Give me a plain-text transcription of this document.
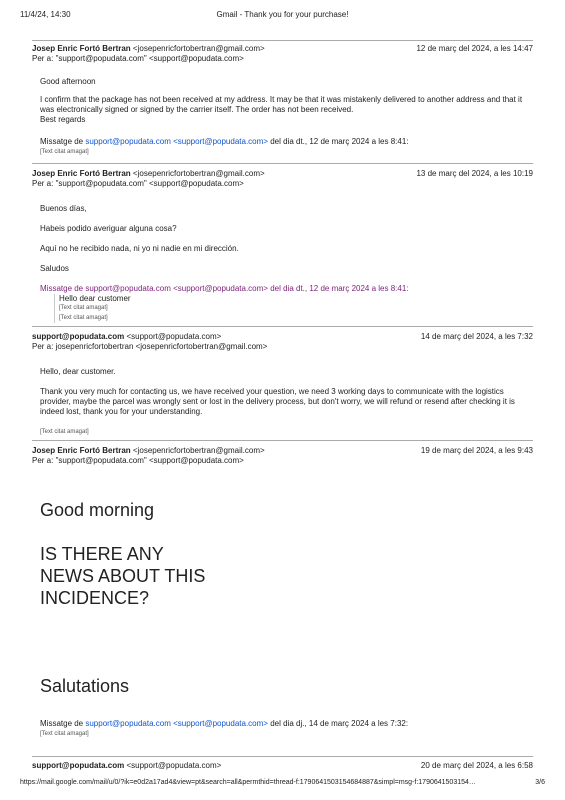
11/4/24, 14:30	Gmail - Thank you for your purchase!
Josep Enric Fortó Bertran <josepenricfortobertran@gmail.com>	12 de març del 2024, a les 14:47
Per a: "support@popudata.com" <support@popudata.com>

Good afternoon

I confirm that the package has not been received at my address. It may be that it was mistakenly delivered to another address and that it was electronically signed or signed by the carrier itself. The order has not been received.

Best regards

Missatge de support@popudata.com <support@popudata.com> del dia dt., 12 de març 2024 a les 8:41:
[Text citat amagat]
Josep Enric Fortó Bertran <josepenricfortobertran@gmail.com>	13 de març del 2024, a les 10:19
Per a: "support@popudata.com" <support@popudata.com>

Buenos días,

Habeis podido averiguar alguna cosa?

Aquí no he recibido nada, ni yo ni nadie en mi dirección.

Saludos

Missatge de support@popudata.com <support@popudata.com> del dia dt., 12 de març 2024 a les 8:41:
Hello dear customer
[Text citat amagat]
[Text citat amagat]
support@popudata.com <support@popudata.com>	14 de març del 2024, a les 7:32
Per a: josepenricfortobertran <josepenricfortobertran@gmail.com>

Hello, dear customer.

Thank you very much for contacting us, we have received your question, we need 3 working days to communicate with the logistics provider, maybe the parcel was wrongly sent or lost in the delivery process, but don't worry, we will refund or resend after checking it is indeed lost, thank you for your understanding.

[Text citat amagat]
Josep Enric Fortó Bertran <josepenricfortobertran@gmail.com>	19 de març del 2024, a les 9:43
Per a: "support@popudata.com" <support@popudata.com>
Good morning
IS THERE ANY
NEWS ABOUT THIS
INCIDENCE?
Salutations
Missatge de support@popudata.com <support@popudata.com> del dia dj., 14 de març 2024 a les 7:32:
[Text citat amagat]
support@popudata.com <support@popudata.com>	20 de març del 2024, a les 6:58
https://mail.google.com/mail/u/0/?ik=e0d2a17ad4&view=pt&search=all&permthid=thread-f:1790641503154684887&simpl=msg-f:1790641503154…	3/6
